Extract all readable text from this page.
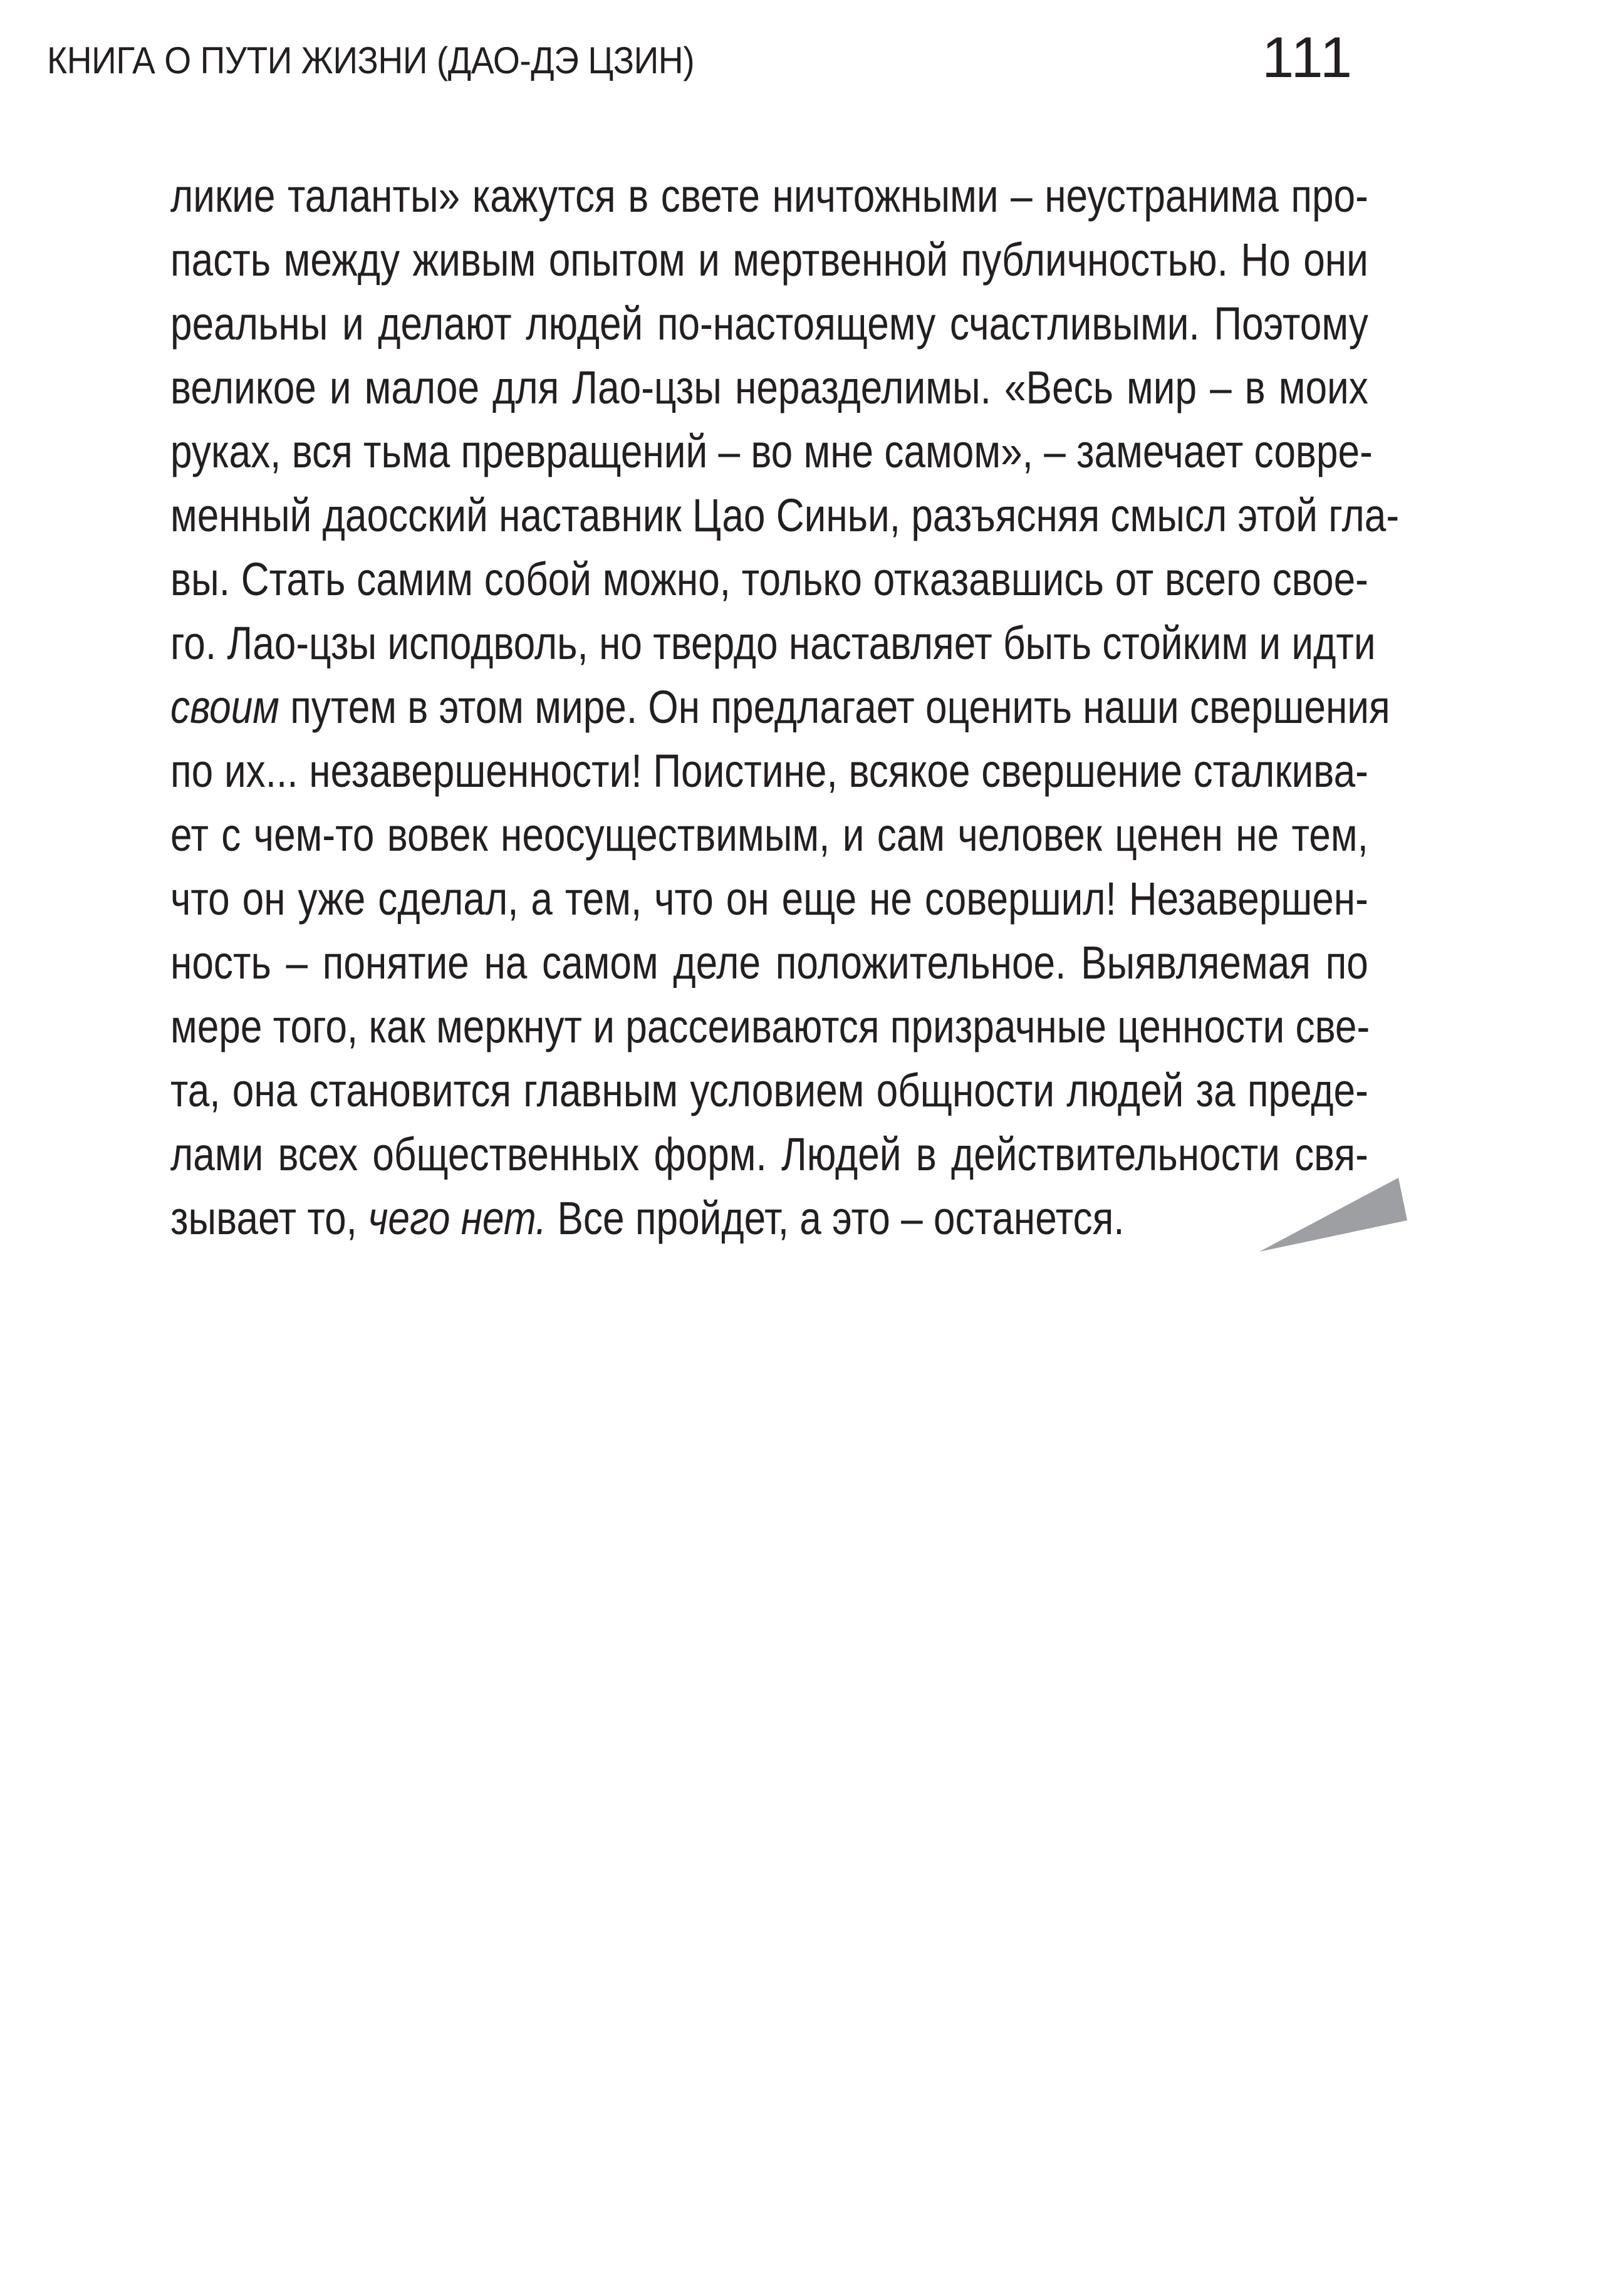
КНИГА О ПУТИ ЖИЗНИ (ДАО-ДЭ ЦЗИН)	111
ликие таланты» кажутся в свете ничтожными – неустранима про-
пасть между живым опытом и мертвенной публичностью. Но они
реальны и делают людей по-настоящему счастливыми. Поэтому
великое и малое для Лао-цзы неразделимы. «Весь мир – в моих
руках, вся тьма превращений – во мне самом», – замечает совре-
менный даосский наставник Цао Синьи, разъясняя смысл этой гла-
вы. Стать самим собой можно, только отказавшись от всего свое-
го. Лао-цзы исподволь, но твердо наставляет быть стойким и идти
своим путем в этом мире. Он предлагает оценить наши свершения
по их... незавершенности! Поистине, всякое свершение сталкива-
ет с чем-то вовек неосуществимым, и сам человек ценен не тем,
что он уже сделал, а тем, что он еще не совершил! Незавершен-
ность – понятие на самом деле положительное. Выявляемая по
мере того, как меркнут и рассеиваются призрачные ценности све-
та, она становится главным условием общности людей за преде-
лами всех общественных форм. Людей в действительности свя-
зывает то, чего нет. Все пройдет, а это – останется.
